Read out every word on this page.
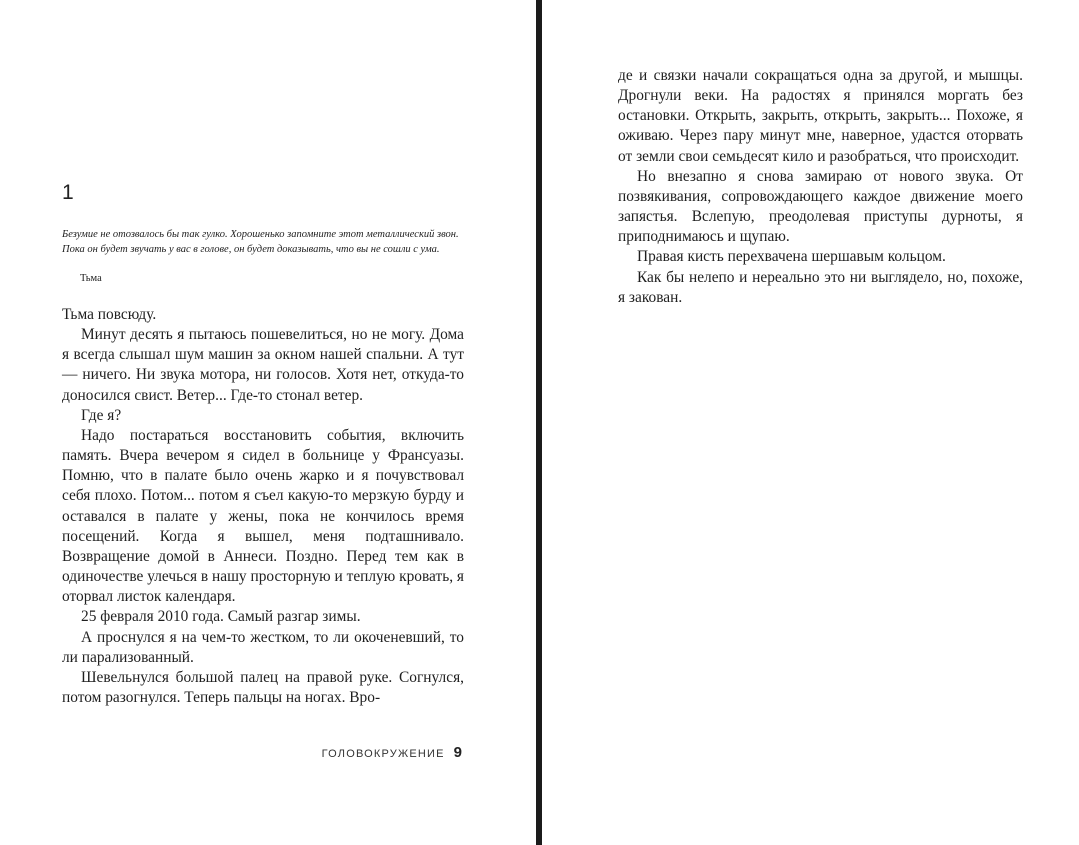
1
Безумие не отозвалось бы так гулко. Хорошенько запомните этот металлический звон. Пока он будет звучать у вас в голове, он будет доказывать, что вы не сошли с ума.
Тьма

Тьма повсюду.

Минут десять я пытаюсь пошевелиться, но не могу. Дома я всегда слышал шум машин за окном нашей спальни. А тут — ничего. Ни звука мотора, ни голосов. Хотя нет, откуда-то доносился свист. Ветер... Где-то стонал ветер.

Где я?

Надо постараться восстановить события, включить память. Вчера вечером я сидел в больнице у Франсуазы. Помню, что в палате было очень жарко и я почувствовал себя плохо. Потом... потом я съел какую-то мерзкую бурду и оставался в палате у жены, пока не кончилось время посещений. Когда я вышел, меня подташнивало. Возвращение домой в Аннеси. Поздно. Перед тем как в одиночестве улечься в нашу просторную и теплую кровать, я оторвал листок календаря.

25 февраля 2010 года. Самый разгар зимы.

А проснулся я на чем-то жестком, то ли окоченевший, то ли парализованный.

Шевельнулся большой палец на правой руке. Согнулся, потом разогнулся. Теперь пальцы на ногах. Вро-

ГОЛОВОКРУЖЕНИЕ 9

де и связки начали сокращаться одна за другой, и мышцы. Дрогнули веки. На радостях я принялся моргать без остановки. Открыть, закрыть, открыть, закрыть... Похоже, я оживаю. Через пару минут мне, наверное, удастся оторвать от земли свои семьдесят кило и разобраться, что происходит.

Но внезапно я снова замираю от нового звука. От позвякивания, сопровождающего каждое движение моего запястья. Вслепую, преодолевая приступы дурноты, я приподнимаюсь и щупаю.

Правая кисть перехвачена шершавым кольцом.

Как бы нелепо и нереально это ни выглядело, но, похоже, я закован.
